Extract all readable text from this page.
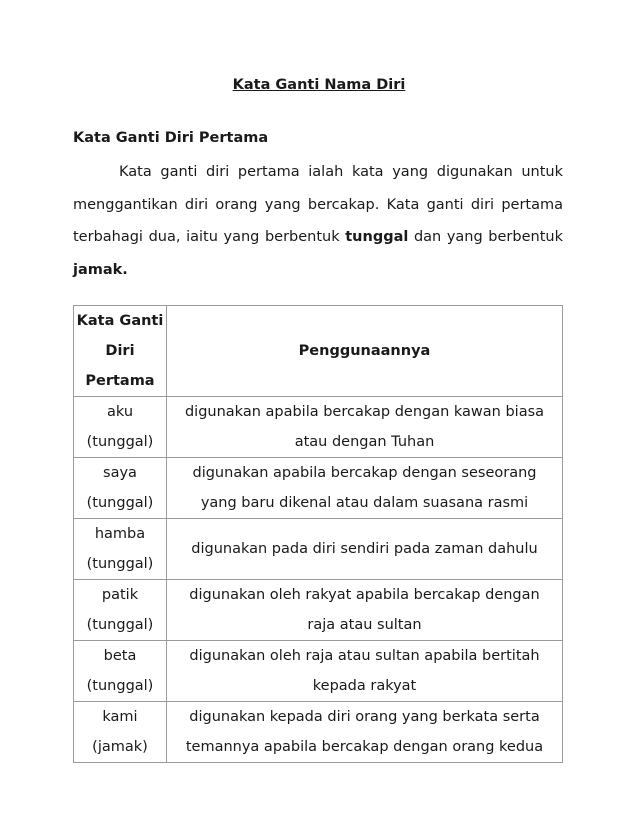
Kata Ganti Nama Diri
Kata Ganti Diri Pertama

Kata ganti diri pertama ialah kata yang digunakan untuk menggantikan diri orang yang bercakap. Kata ganti diri pertama terbahagi dua, iaitu yang berbentuk tunggal dan yang berbentuk jamak.

Kata Ganti
Diri
Pertama	Penggunaannya

aku
(tunggal)	digunakan apabila bercakap dengan kawan biasa
atau dengan Tuhan

saya
(tunggal)	digunakan apabila bercakap dengan seseorang
yang baru dikenal atau dalam suasana rasmi

hamba
(tunggal)	digunakan pada diri sendiri pada zaman dahulu

patik
(tunggal)	digunakan oleh rakyat apabila bercakap dengan
raja atau sultan

beta
(tunggal)	digunakan oleh raja atau sultan apabila bertitah
kepada rakyat

kami
(jamak)	digunakan kepada diri orang yang berkata serta
temannya apabila bercakap dengan orang kedua
